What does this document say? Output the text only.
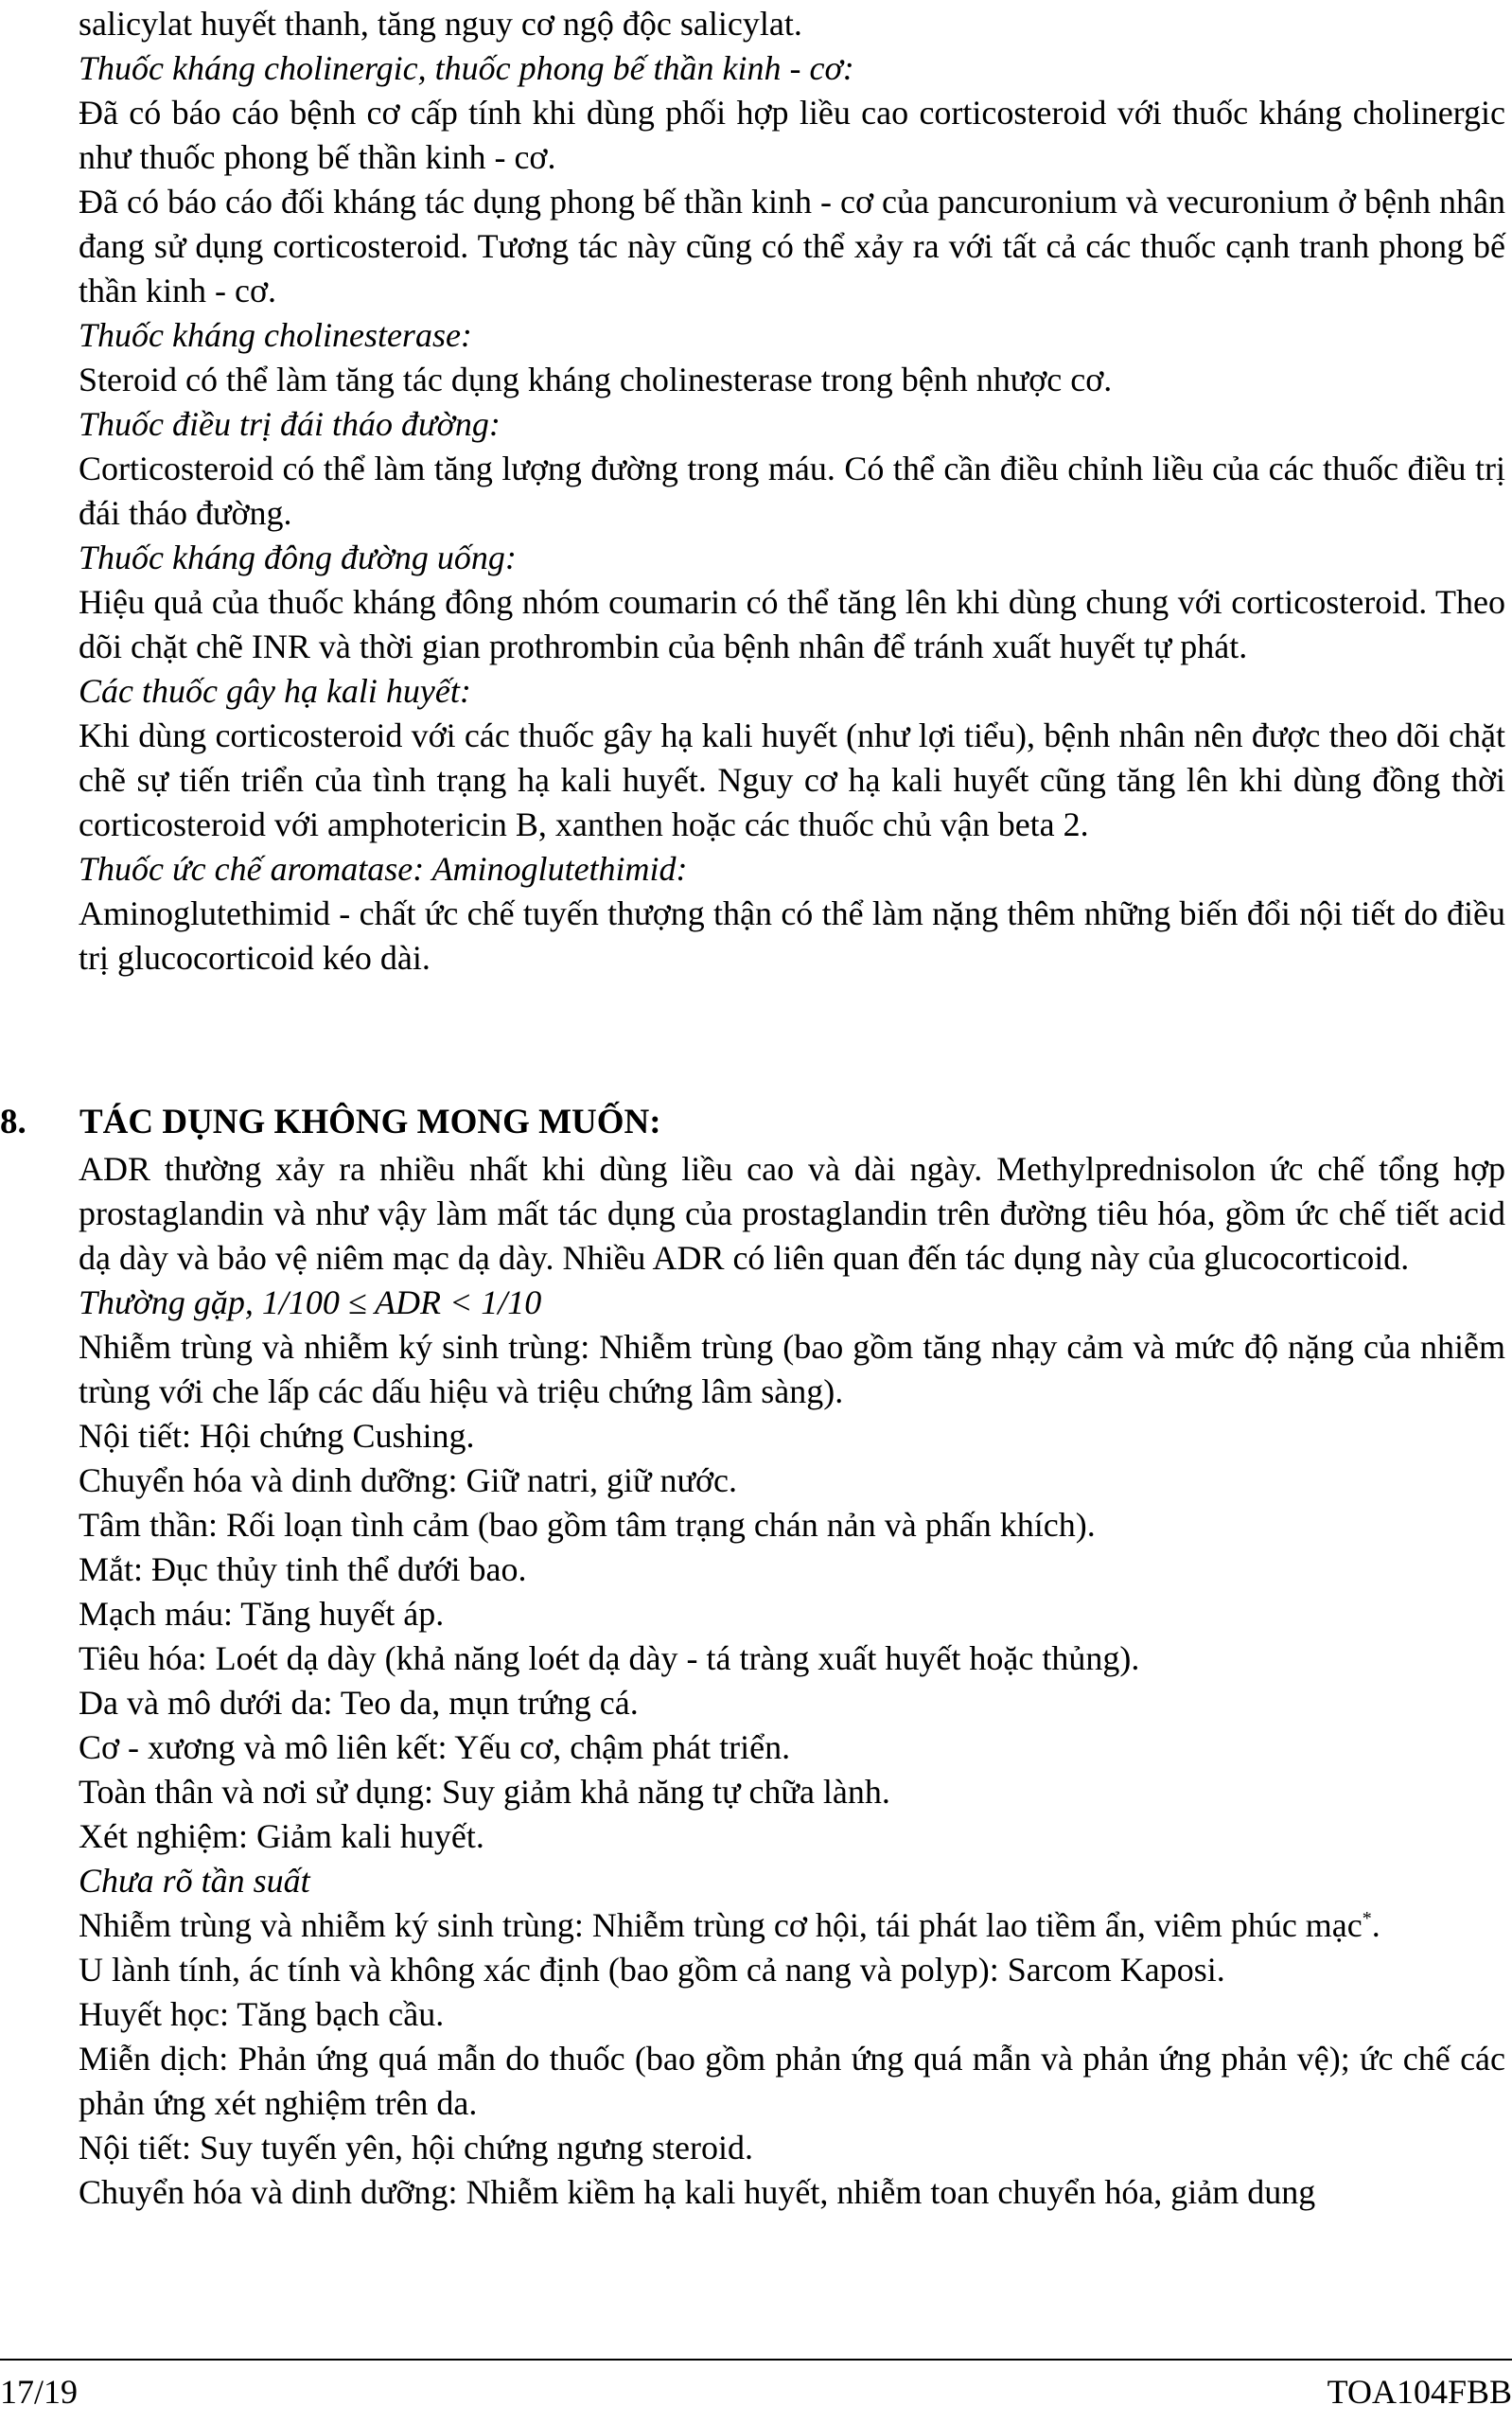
salicylat huyết thanh, tăng nguy cơ ngộ độc salicylat.

Thuốc kháng cholinergic, thuốc phong bế thần kinh - cơ:

Đã có báo cáo bệnh cơ cấp tính khi dùng phối hợp liều cao corticosteroid với thuốc kháng cholinergic như thuốc phong bế thần kinh - cơ.

Đã có báo cáo đối kháng tác dụng phong bế thần kinh - cơ của pancuronium và vecuronium ở bệnh nhân đang sử dụng corticosteroid. Tương tác này cũng có thể xảy ra với tất cả các thuốc cạnh tranh phong bế thần kinh - cơ.

Thuốc kháng cholinesterase:

Steroid có thể làm tăng tác dụng kháng cholinesterase trong bệnh nhược cơ.

Thuốc điều trị đái tháo đường:

Corticosteroid có thể làm tăng lượng đường trong máu. Có thể cần điều chỉnh liều của các thuốc điều trị đái tháo đường.

Thuốc kháng đông đường uống:

Hiệu quả của thuốc kháng đông nhóm coumarin có thể tăng lên khi dùng chung với corticosteroid. Theo dõi chặt chẽ INR và thời gian prothrombin của bệnh nhân để tránh xuất huyết tự phát.

Các thuốc gây hạ kali huyết:

Khi dùng corticosteroid với các thuốc gây hạ kali huyết (như lợi tiểu), bệnh nhân nên được theo dõi chặt chẽ sự tiến triển của tình trạng hạ kali huyết. Nguy cơ hạ kali huyết cũng tăng lên khi dùng đồng thời corticosteroid với amphotericin B, xanthen hoặc các thuốc chủ vận beta 2.

Thuốc ức chế aromatase: Aminoglutethimid:

Aminoglutethimid - chất ức chế tuyến thượng thận có thể làm nặng thêm những biến đổi nội tiết do điều trị glucocorticoid kéo dài.

8. TÁC DỤNG KHÔNG MONG MUỐN:

ADR thường xảy ra nhiều nhất khi dùng liều cao và dài ngày. Methylprednisolon ức chế tổng hợp prostaglandin và như vậy làm mất tác dụng của prostaglandin trên đường tiêu hóa, gồm ức chế tiết acid dạ dày và bảo vệ niêm mạc dạ dày. Nhiều ADR có liên quan đến tác dụng này của glucocorticoid.

Thường gặp, 1/100 ≤ ADR < 1/10

Nhiễm trùng và nhiễm ký sinh trùng: Nhiễm trùng (bao gồm tăng nhạy cảm và mức độ nặng của nhiễm trùng với che lấp các dấu hiệu và triệu chứng lâm sàng).

Nội tiết: Hội chứng Cushing.

Chuyển hóa và dinh dưỡng: Giữ natri, giữ nước.

Tâm thần: Rối loạn tình cảm (bao gồm tâm trạng chán nản và phấn khích).

Mắt: Đục thủy tinh thể dưới bao.

Mạch máu: Tăng huyết áp.

Tiêu hóa: Loét dạ dày (khả năng loét dạ dày - tá tràng xuất huyết hoặc thủng).

Da và mô dưới da: Teo da, mụn trứng cá.

Cơ - xương và mô liên kết: Yếu cơ, chậm phát triển.

Toàn thân và nơi sử dụng: Suy giảm khả năng tự chữa lành.

Xét nghiệm: Giảm kali huyết.

Chưa rõ tần suất

Nhiễm trùng và nhiễm ký sinh trùng: Nhiễm trùng cơ hội, tái phát lao tiềm ẩn, viêm phúc mạc*.

U lành tính, ác tính và không xác định (bao gồm cả nang và polyp): Sarcom Kaposi.

Huyết học: Tăng bạch cầu.

Miễn dịch: Phản ứng quá mẫn do thuốc (bao gồm phản ứng quá mẫn và phản ứng phản vệ); ức chế các phản ứng xét nghiệm trên da.

Nội tiết: Suy tuyến yên, hội chứng ngưng steroid.

Chuyển hóa và dinh dưỡng: Nhiễm kiềm hạ kali huyết, nhiễm toan chuyển hóa, giảm dung

17/19	TOA104FBB
